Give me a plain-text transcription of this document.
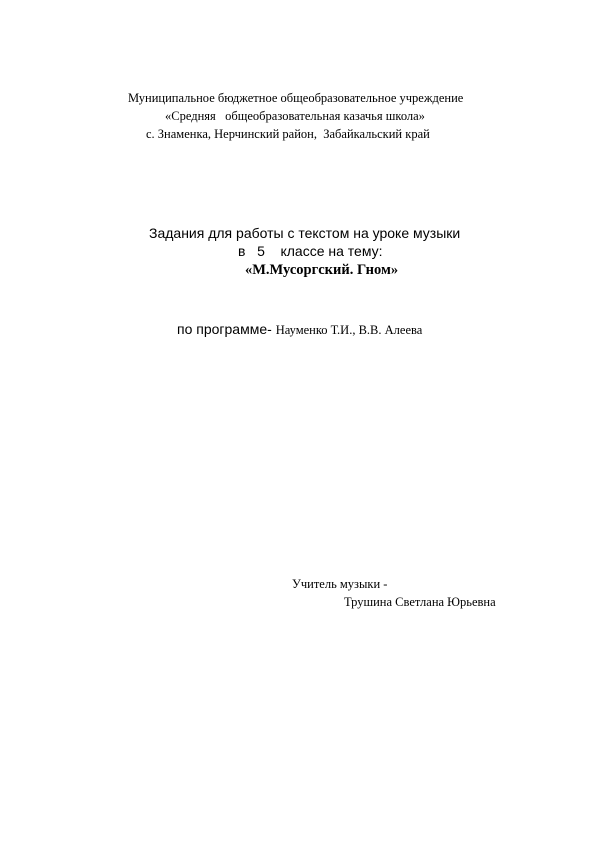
Муниципальное бюджетное общеобразовательное учреждение
«Средняя   общеобразовательная казачья школа»
с. Знаменка, Нерчинский район,  Забайкальский край
Задания для работы с текстом на уроке музыки
в   5    классе на тему:
«М.Мусоргский. Гном»

по программе- Науменко Т.И., В.В. Алеева

Учитель музыки -
Трушина Светлана Юрьевна
